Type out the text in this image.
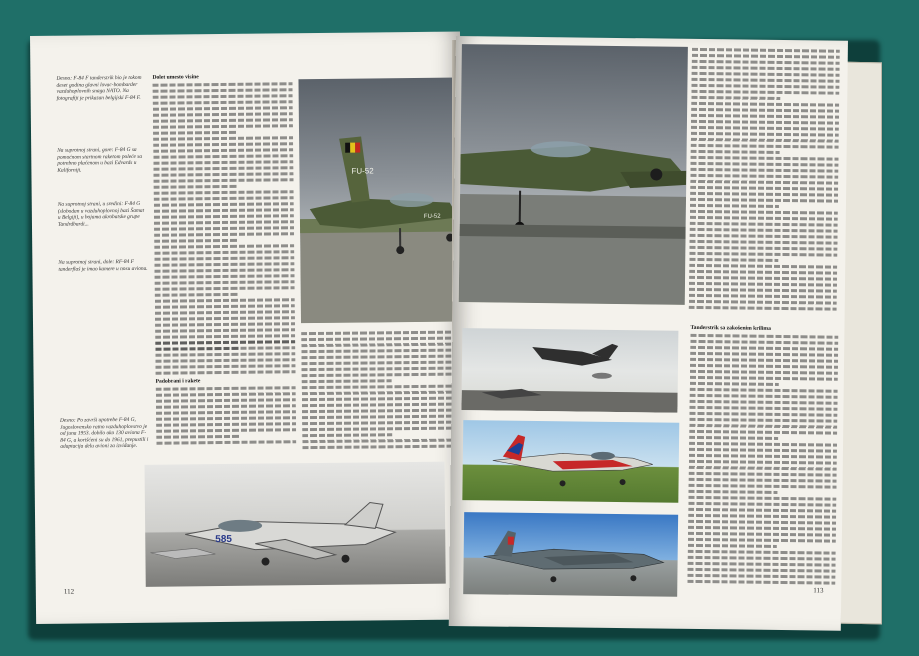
Desno: F-84 F tanderstrik bio je tokom deset godina glavni lovac-bombarder vazduhoplovnih snaga NATO. Na fotografiji je prikazan belgijski F-84 F.
Na suprotnoj strani, gore: F-84 G sa pomoćnom startnom raketom poleće sa potrebno plaćenom u bazi Edvards u Kaliforniji.
Na suprotnoj strani, u sredini: F-84 G (slobodan u vazduhoplovnoj bazi Šamat u Belgiji), u bojama akrobatske grupe Tandrdbardi...
Na suprotnoj strani, dole: RF-84 F tanderflaš je imao kamere u nosu aviona.
Desno: Po završi upotrebe F-84 G, Jugoslovensko ratno vazduhoplovstvo je od juna 1953. dobilo oko 130 aviona F-84 G, a korišćeni su do 1961, prepustili i adaptacija delu avioni za izviđanje.
Dolet umesto visine
FU-52
FU-52
Padobrani i rakete
585
112
Tanderstrik sa zakošenim krilima
113
